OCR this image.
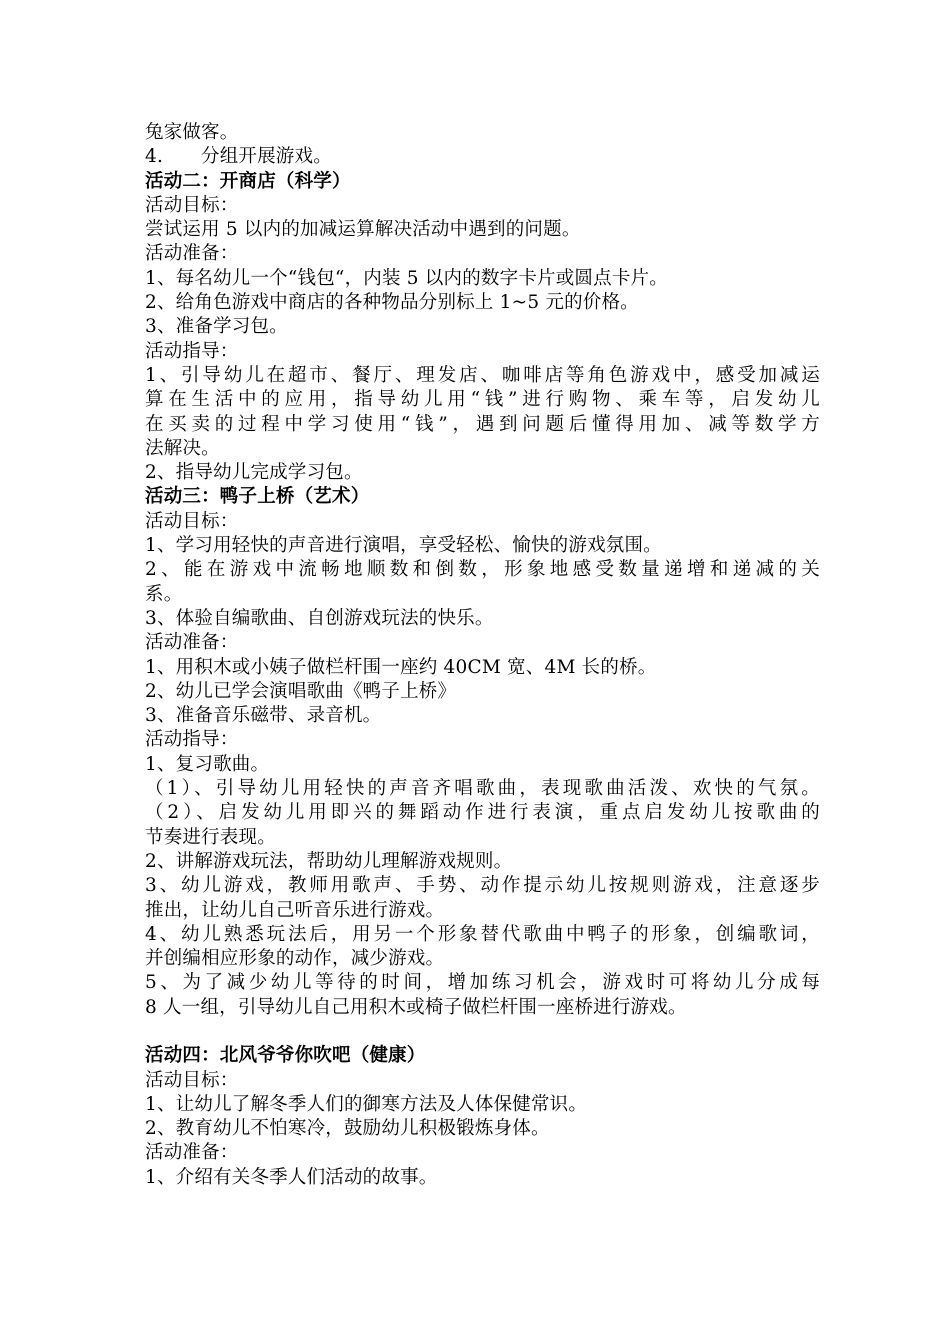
兔家做客。
4. 分组开展游戏。
活动二：开商店（科学）
活动目标：
尝试运用 5 以内的加减运算解决活动中遇到的问题。
活动准备：
1、每名幼儿一个“钱包“，内装 5 以内的数字卡片或圆点卡片。
2、给角色游戏中商店的各种物品分别标上 1~5 元的价格。
3、准备学习包。
活动指导：
1、引导幼儿在超市、餐厅、理发店、咖啡店等角色游戏中，感受加减运
算在生活中的应用，指导幼儿用“钱”进行购物、乘车等，启发幼儿
在买卖的过程中学习使用“钱”，遇到问题后懂得用加、减等数学方
法解决。
2、指导幼儿完成学习包。
活动三：鸭子上桥（艺术）
活动目标：
1、学习用轻快的声音进行演唱，享受轻松、愉快的游戏氛围。
2、能在游戏中流畅地顺数和倒数，形象地感受数量递增和递减的关
系。
3、体验自编歌曲、自创游戏玩法的快乐。
活动准备：
1、用积木或小姨子做栏杆围一座约 40CM 宽、4M 长的桥。
2、幼儿已学会演唱歌曲《鸭子上桥》
3、准备音乐磁带、录音机。
活动指导：
1、复习歌曲。
（1）、引导幼儿用轻快的声音齐唱歌曲，表现歌曲活泼、欢快的气氛。
（2）、启发幼儿用即兴的舞蹈动作进行表演，重点启发幼儿按歌曲的
节奏进行表现。
2、讲解游戏玩法，帮助幼儿理解游戏规则。
3、幼儿游戏，教师用歌声、手势、动作提示幼儿按规则游戏，注意逐步
推出，让幼儿自己听音乐进行游戏。
4、幼儿熟悉玩法后，用另一个形象替代歌曲中鸭子的形象，创编歌词，
并创编相应形象的动作，减少游戏。
5、为了减少幼儿等待的时间，增加练习机会，游戏时可将幼儿分成每
8 人一组，引导幼儿自己用积木或椅子做栏杆围一座桥进行游戏。
活动四：北风爷爷你吹吧（健康）
活动目标：
1、让幼儿了解冬季人们的御寒方法及人体保健常识。
2、教育幼儿不怕寒冷，鼓励幼儿积极锻炼身体。
活动准备：
1、介绍有关冬季人们活动的故事。
